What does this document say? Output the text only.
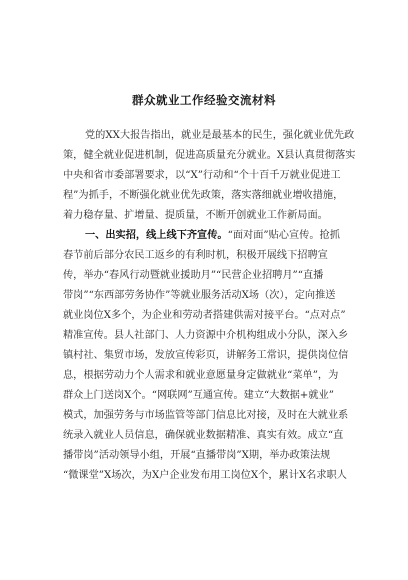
群众就业工作经验交流材料
党的XX大报告指出，就业是最基本的民生，强化就业优先政
策，健全就业促进机制，促进高质量充分就业。X县认真贯彻落实
中央和省市委部署要求，以“X”行动和“个十百千万就业促进工
程”为抓手，不断强化就业优先政策，落实落细就业增收措施，
着力稳存量、扩增量、提质量，不断开创就业工作新局面。
一、出实招，线上线下齐宣传。“面对面”贴心宣传。抢抓
春节前后部分农民工返乡的有利时机，积极开展线下招聘宣
传，举办“春风行动暨就业援助月”“民营企业招聘月”“直播
带岗”“东西部劳务协作”等就业服务活动X场（次），定向推送
就业岗位X多个，为企业和劳动者搭建供需对接平台。“点对点”
精准宣传。县人社部门、人力资源中介机构组成小分队，深入乡
镇村社、集贸市场，发放宣传彩页，讲解务工常识，提供岗位信
息，根据劳动力个人需求和就业意愿量身定做就业“菜单”，为
群众上门送岗X个。“网联网”互通宣传。建立“大数据+就业”
模式，加强劳务与市场监管等部门信息比对接，及时在大就业系
统录入就业人员信息，确保就业数据精准、真实有效。成立“直
播带岗”活动领导小组，开展“直播带岗”X期，举办政策法规
“微课堂”X场次，为X户企业发布用工岗位X个，累计X名求职人
